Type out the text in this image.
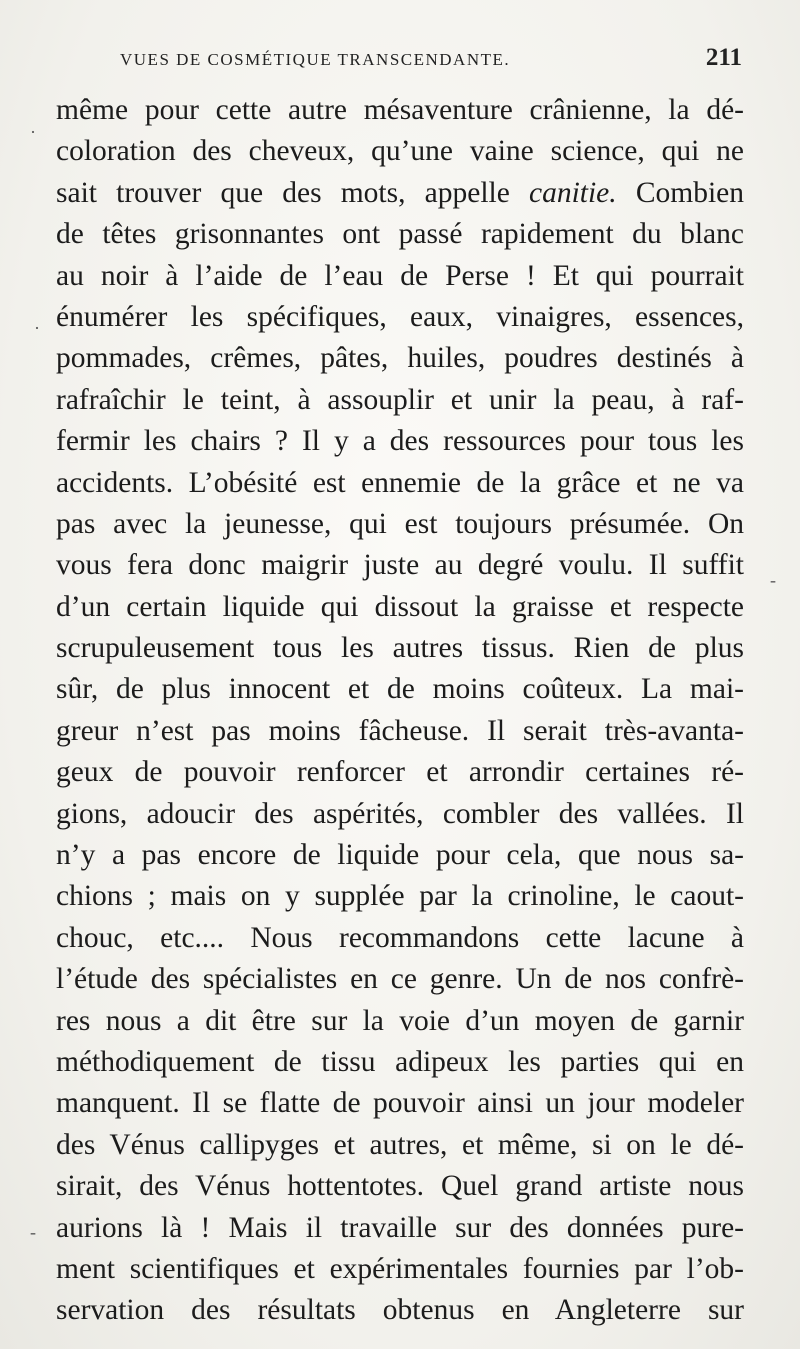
VUES DE COSMÉTIQUE TRANSCENDANTE.	211
même pour cette autre mésaventure crânienne, la dé-
coloration des cheveux, qu’une vaine science, qui ne
sait trouver que des mots, appelle canitie. Combien
de têtes grisonnantes ont passé rapidement du blanc
au noir à l’aide de l’eau de Perse ! Et qui pourrait
énumérer les spécifiques, eaux, vinaigres, essences,
pommades, crêmes, pâtes, huiles, poudres destinés à
rafraîchir le teint, à assouplir et unir la peau, à raf-
fermir les chairs ? Il y a des ressources pour tous les
accidents. L’obésité est ennemie de la grâce et ne va
pas avec la jeunesse, qui est toujours présumée. On
vous fera donc maigrir juste au degré voulu. Il suffit
d’un certain liquide qui dissout la graisse et respecte
scrupuleusement tous les autres tissus. Rien de plus
sûr, de plus innocent et de moins coûteux. La mai-
greur n’est pas moins fâcheuse. Il serait très-avanta-
geux de pouvoir renforcer et arrondir certaines ré-
gions, adoucir des aspérités, combler des vallées. Il
n’y a pas encore de liquide pour cela, que nous sa-
chions ; mais on y supplée par la crinoline, le caout-
chouc, etc.... Nous recommandons cette lacune à
l’étude des spécialistes en ce genre. Un de nos confrè-
res nous a dit être sur la voie d’un moyen de garnir
méthodiquement de tissu adipeux les parties qui en
manquent. Il se flatte de pouvoir ainsi un jour modeler
des Vénus callipyges et autres, et même, si on le dé-
sirait, des Vénus hottentotes. Quel grand artiste nous
aurions là ! Mais il travaille sur des données pure-
ment scientifiques et expérimentales fournies par l’ob-
servation des résultats obtenus en Angleterre sur
·
·
-
-
